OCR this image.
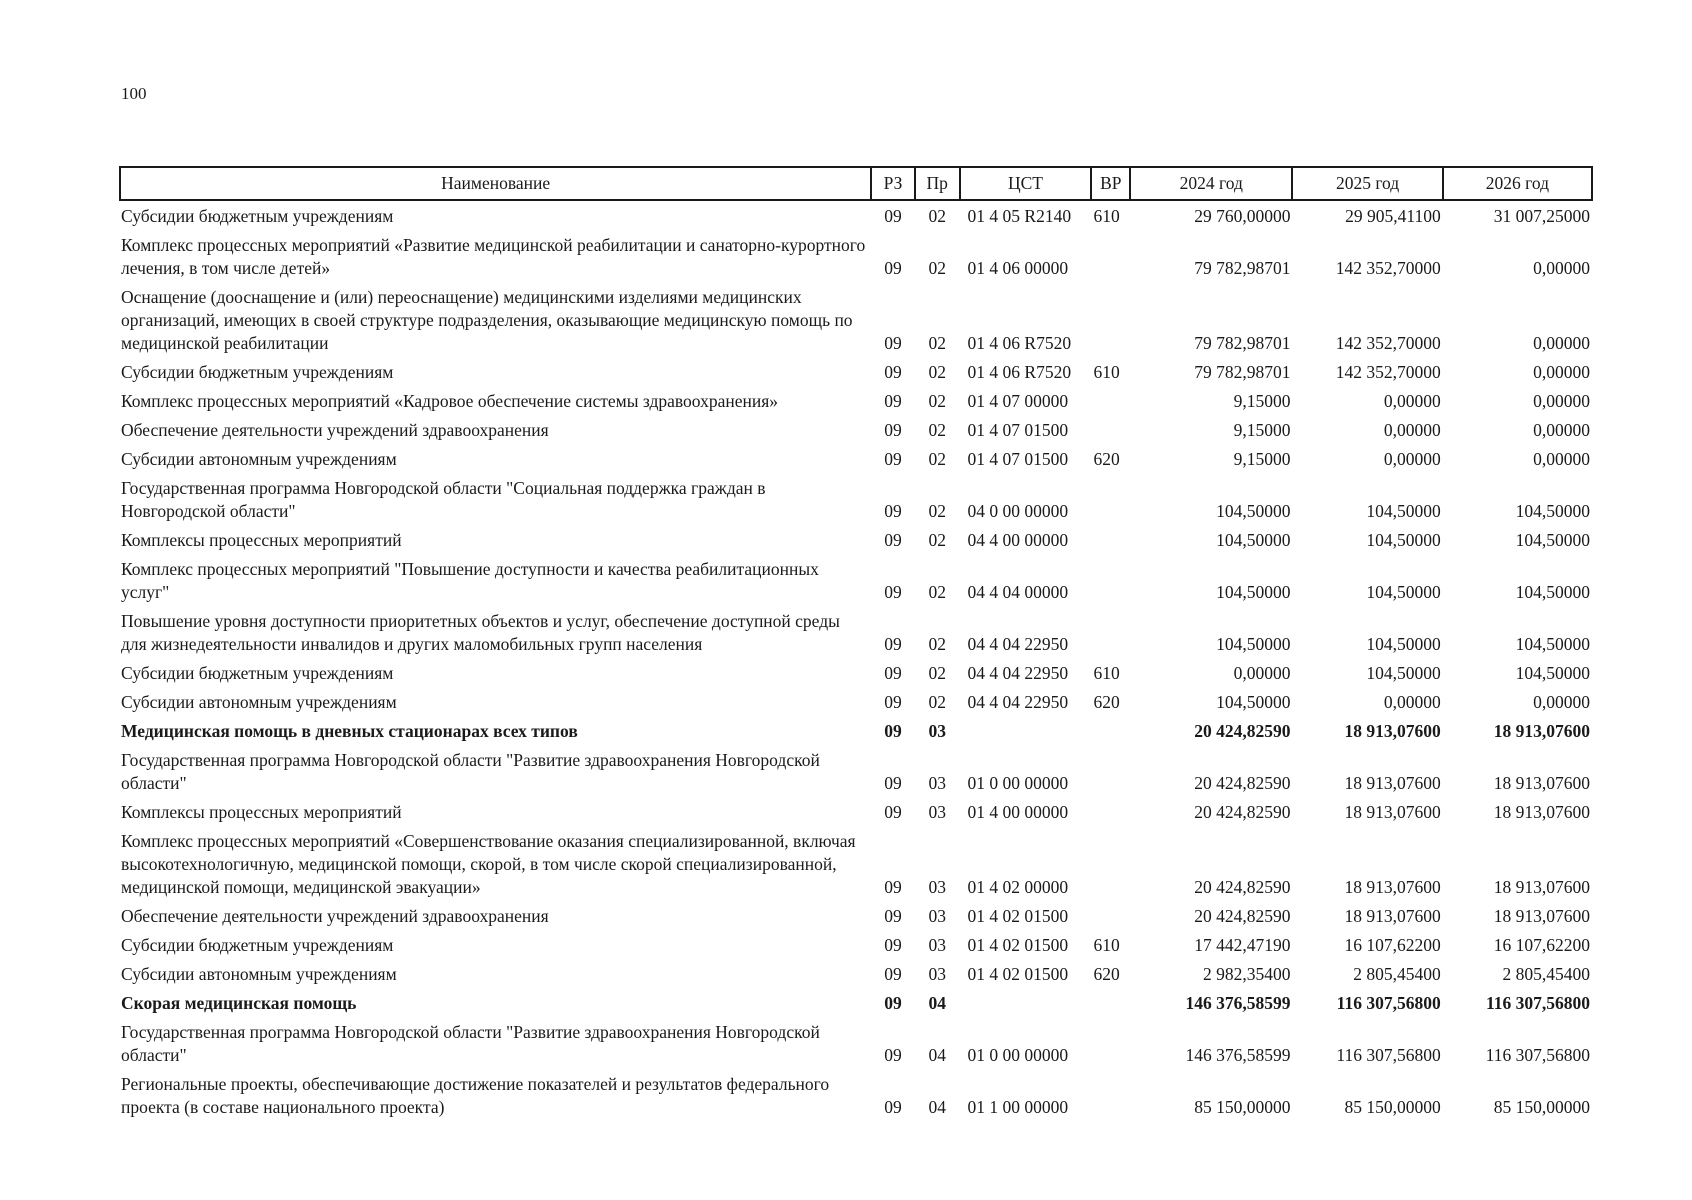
100
Наименование	РЗ	Пр	ЦСТ	ВР	2024 год	2025 год	2026 год
Субсидии бюджетным учреждениям	09	02	01 4 05 R2140	610	29 760,00000	29 905,41100	31 007,25000
Комплекс процессных мероприятий «Развитие медицинской реабилитации и санаторно-курортного лечения, в том числе детей»	09	02	01 4 06 00000		79 782,98701	142 352,70000	0,00000
Оснащение (дооснащение и (или) переоснащение) медицинскими изделиями медицинских организаций, имеющих в своей структуре подразделения, оказывающие медицинскую помощь по медицинской реабилитации	09	02	01 4 06 R7520		79 782,98701	142 352,70000	0,00000
Субсидии бюджетным учреждениям	09	02	01 4 06 R7520	610	79 782,98701	142 352,70000	0,00000
Комплекс процессных мероприятий «Кадровое обеспечение системы здравоохранения»	09	02	01 4 07 00000		9,15000	0,00000	0,00000
Обеспечение деятельности учреждений здравоохранения	09	02	01 4 07 01500		9,15000	0,00000	0,00000
Субсидии автономным учреждениям	09	02	01 4 07 01500	620	9,15000	0,00000	0,00000
Государственная программа Новгородской области "Социальная поддержка граждан в Новгородской области"	09	02	04 0 00 00000		104,50000	104,50000	104,50000
Комплексы процессных мероприятий	09	02	04 4 00 00000		104,50000	104,50000	104,50000
Комплекс процессных мероприятий "Повышение доступности и качества реабилитационных услуг"	09	02	04 4 04 00000		104,50000	104,50000	104,50000
Повышение уровня доступности приоритетных объектов и услуг, обеспечение доступной среды для жизнедеятельности инвалидов и других маломобильных групп населения	09	02	04 4 04 22950		104,50000	104,50000	104,50000
Субсидии бюджетным учреждениям	09	02	04 4 04 22950	610	0,00000	104,50000	104,50000
Субсидии автономным учреждениям	09	02	04 4 04 22950	620	104,50000	0,00000	0,00000
Медицинская помощь в дневных стационарах всех типов	09	03			20 424,82590	18 913,07600	18 913,07600
Государственная программа Новгородской области "Развитие здравоохранения Новгородской области"	09	03	01 0 00 00000		20 424,82590	18 913,07600	18 913,07600
Комплексы процессных мероприятий	09	03	01 4 00 00000		20 424,82590	18 913,07600	18 913,07600
Комплекс процессных мероприятий «Совершенствование оказания специализированной, включая высокотехнологичную, медицинской помощи, скорой, в том числе скорой специализированной, медицинской помощи, медицинской эвакуации»	09	03	01 4 02 00000		20 424,82590	18 913,07600	18 913,07600
Обеспечение деятельности учреждений здравоохранения	09	03	01 4 02 01500		20 424,82590	18 913,07600	18 913,07600
Субсидии бюджетным учреждениям	09	03	01 4 02 01500	610	17 442,47190	16 107,62200	16 107,62200
Субсидии автономным учреждениям	09	03	01 4 02 01500	620	2 982,35400	2 805,45400	2 805,45400
Скорая медицинская помощь	09	04			146 376,58599	116 307,56800	116 307,56800
Государственная программа Новгородской области "Развитие здравоохранения Новгородской области"	09	04	01 0 00 00000		146 376,58599	116 307,56800	116 307,56800
Региональные проекты, обеспечивающие достижение показателей и результатов федерального проекта (в составе национального проекта)	09	04	01 1 00 00000		85 150,00000	85 150,00000	85 150,00000
